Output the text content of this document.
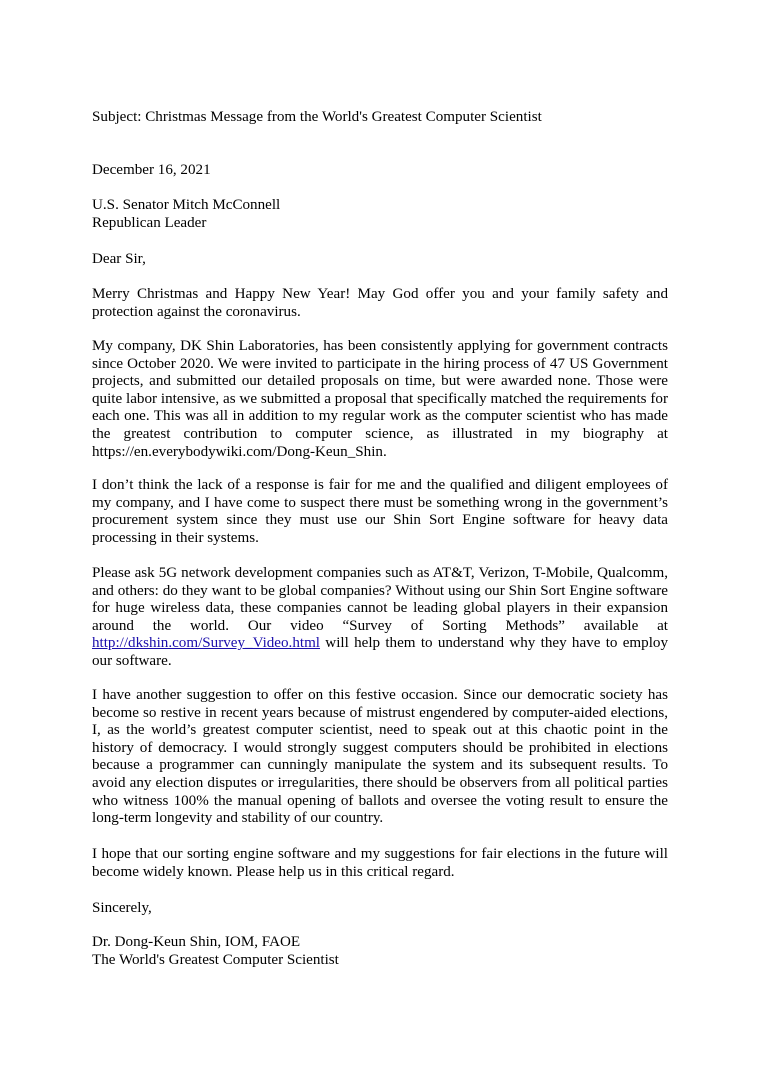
Subject: Christmas Message from the World's Greatest Computer Scientist
December 16, 2021
U.S. Senator Mitch McConnell
Republican Leader
Dear Sir,

Merry Christmas and Happy New Year! May God offer you and your family safety and protection against the coronavirus.

My company, DK Shin Laboratories, has been consistently applying for government contracts since October 2020. We were invited to participate in the hiring process of 47 US Government projects, and submitted our detailed proposals on time, but were awarded none. Those were quite labor intensive, as we submitted a proposal that specifically matched the requirements for each one. This was all in addition to my regular work as the computer scientist who has made the greatest contribution to computer science, as illustrated in my biography at https://en.everybodywiki.com/Dong-Keun_Shin.

I don’t think the lack of a response is fair for me and the qualified and diligent employees of my company, and I have come to suspect there must be something wrong in the government’s procurement system since they must use our Shin Sort Engine software for heavy data processing in their systems.

Please ask 5G network development companies such as AT&T, Verizon, T-Mobile, Qualcomm, and others: do they want to be global companies? Without using our Shin Sort Engine software for huge wireless data, these companies cannot be leading global players in their expansion around the world. Our video “Survey of Sorting Methods” available at http://dkshin.com/Survey_Video.html will help them to understand why they have to employ our software.

I have another suggestion to offer on this festive occasion. Since our democratic society has become so restive in recent years because of mistrust engendered by computer-aided elections, I, as the world’s greatest computer scientist, need to speak out at this chaotic point in the history of democracy. I would strongly suggest computers should be prohibited in elections because a programmer can cunningly manipulate the system and its subsequent results. To avoid any election disputes or irregularities, there should be observers from all political parties who witness 100% the manual opening of ballots and oversee the voting result to ensure the long-term longevity and stability of our country.

I hope that our sorting engine software and my suggestions for fair elections in the future will become widely known. Please help us in this critical regard.

Sincerely,
Dr. Dong-Keun Shin, IOM, FAOE
The World's Greatest Computer Scientist
